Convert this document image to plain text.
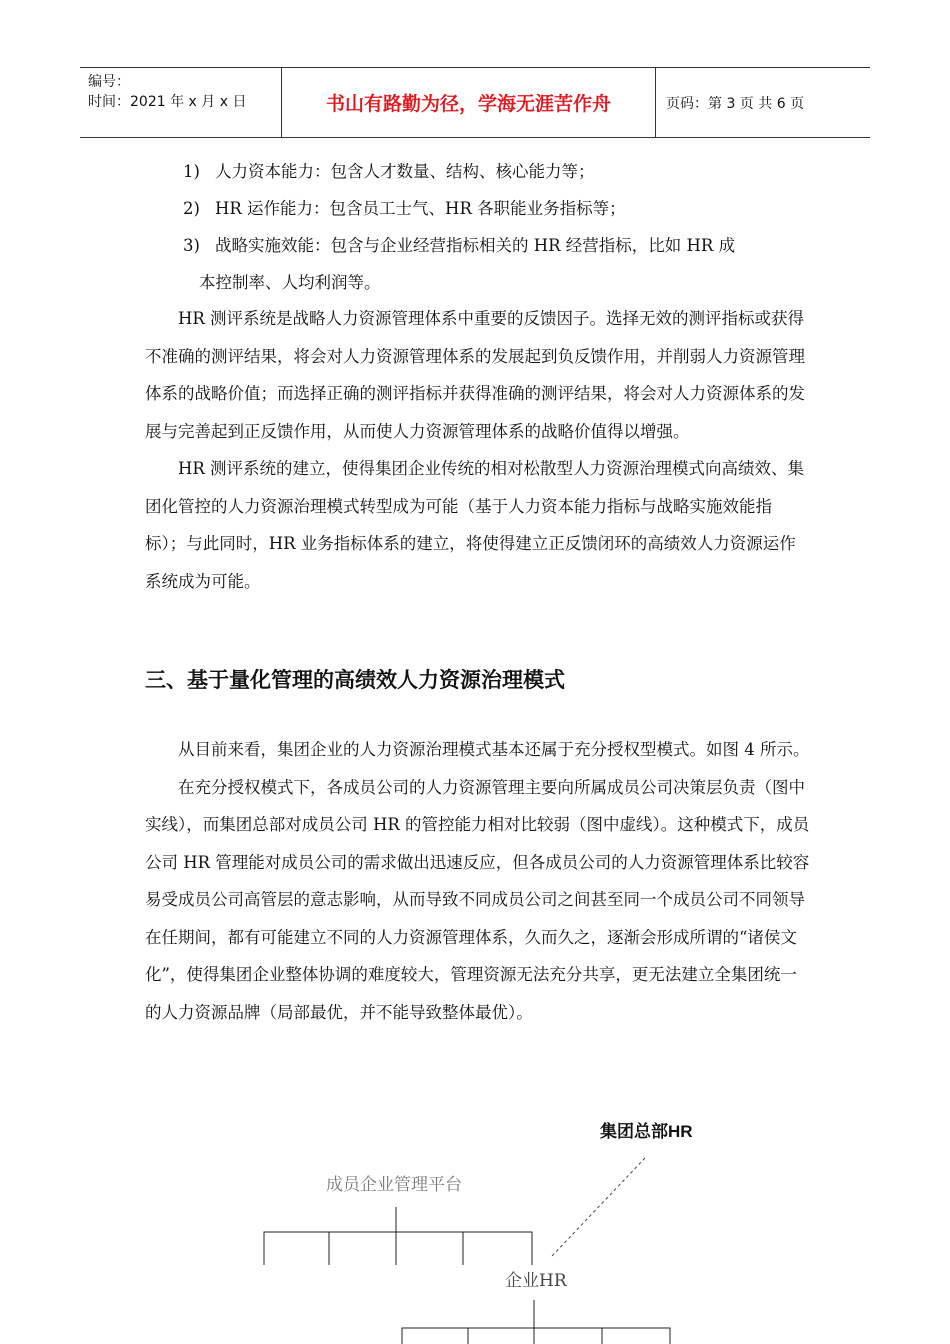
编号：
时间：2021 年 x 月 x 日	书山有路勤为径，学海无涯苦作舟	页码：第 3 页 共 6 页
1) 人力资本能力：包含人才数量、结构、核心能力等；
2) HR 运作能力：包含员工士气、HR 各职能业务指标等；
3) 战略实施效能：包含与企业经营指标相关的 HR 经营指标，比如 HR 成
本控制率、人均利润等。

HR 测评系统是战略人力资源管理体系中重要的反馈因子。选择无效的测评指标或获得不准确的测评结果，将会对人力资源管理体系的发展起到负反馈作用，并削弱人力资源管理体系的战略价值；而选择正确的测评指标并获得准确的测评结果，将会对人力资源体系的发展与完善起到正反馈作用，从而使人力资源管理体系的战略价值得以增强。

HR 测评系统的建立，使得集团企业传统的相对松散型人力资源治理模式向高绩效、集团化管控的人力资源治理模式转型成为可能（基于人力资本能力指标与战略实施效能指标）；与此同时，HR 业务指标体系的建立，将使得建立正反馈闭环的高绩效人力资源运作系统成为可能。

三、基于量化管理的高绩效人力资源治理模式

从目前来看，集团企业的人力资源治理模式基本还属于充分授权型模式。如图 4 所示。

在充分授权模式下，各成员公司的人力资源管理主要向所属成员公司决策层负责（图中实线），而集团总部对成员公司 HR 的管控能力相对比较弱（图中虚线）。这种模式下，成员公司 HR 管理能对成员公司的需求做出迅速反应，但各成员公司的人力资源管理体系比较容易受成员公司高管层的意志影响，从而导致不同成员公司之间甚至同一个成员公司不同领导在任期间，都有可能建立不同的人力资源管理体系，久而久之，逐渐会形成所谓的“诸侯文化”，使得集团企业整体协调的难度较大，管理资源无法充分共享，更无法建立全集团统一的人力资源品牌（局部最优，并不能导致整体最优）。

集团总部HR
成员企业管理平台
企业HR
